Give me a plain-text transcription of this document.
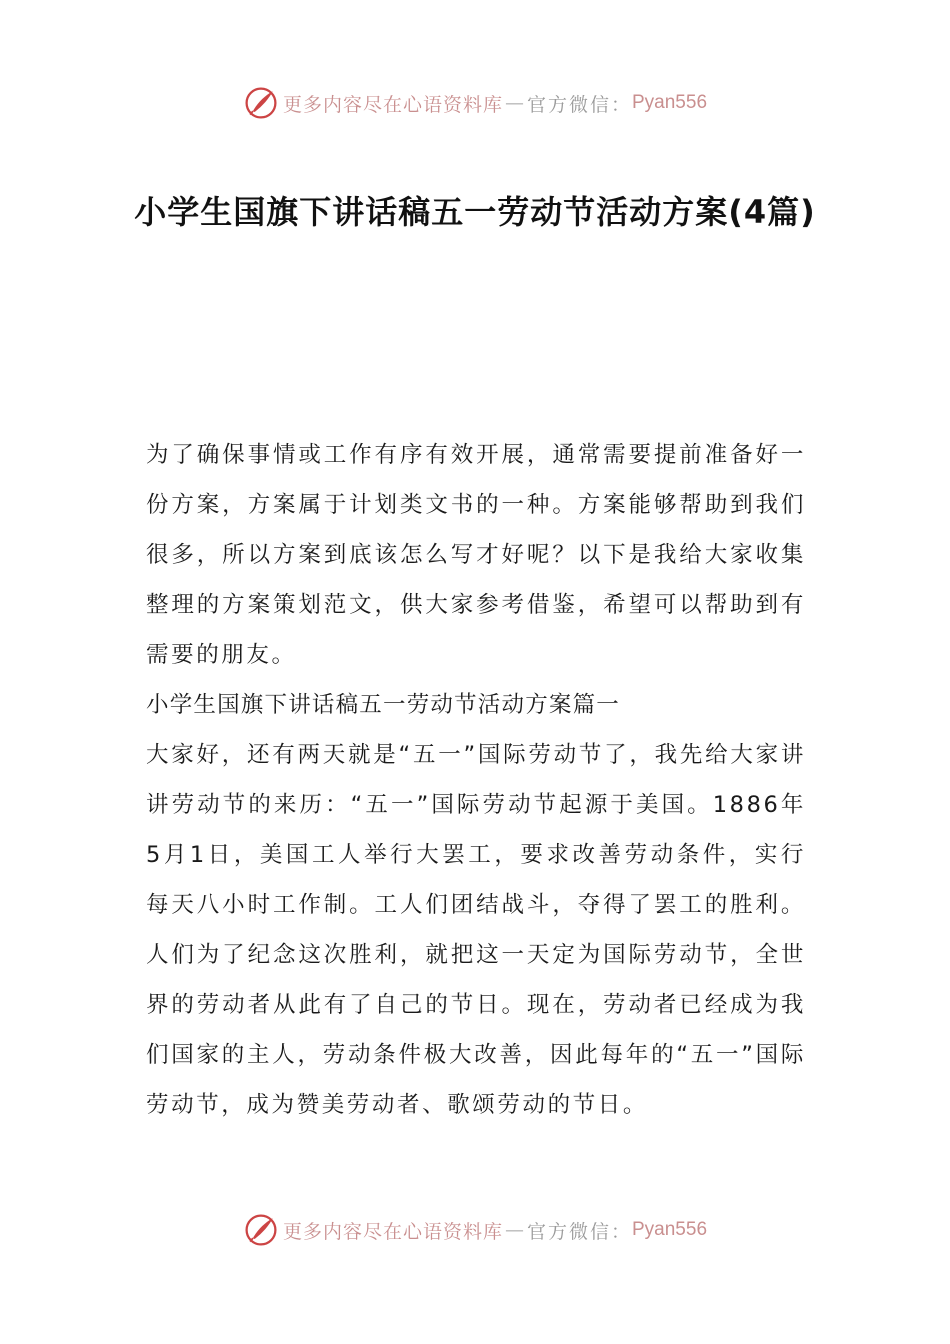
更多内容尽在心语资料库 — 官方微信： Pyan556
小学生国旗下讲话稿五一劳动节活动方案(4篇)

为了确保事情或工作有序有效开展，通常需要提前准备好一份方案，方案属于计划类文书的一种。方案能够帮助到我们很多，所以方案到底该怎么写才好呢？以下是我给大家收集整理的方案策划范文，供大家参考借鉴，希望可以帮助到有需要的朋友。

小学生国旗下讲话稿五一劳动节活动方案篇一

大家好，还有两天就是“五一”国际劳动节了，我先给大家讲讲劳动节的来历：“五一”国际劳动节起源于美国。1886年5月1日，美国工人举行大罢工，要求改善劳动条件，实行每天八小时工作制。工人们团结战斗，夺得了罢工的胜利。人们为了纪念这次胜利，就把这一天定为国际劳动节，全世界的劳动者从此有了自己的节日。现在，劳动者已经成为我们国家的主人，劳动条件极大改善，因此每年的“五一”国际劳动节，成为赞美劳动者、歌颂劳动的节日。

更多内容尽在心语资料库 — 官方微信： Pyan556
